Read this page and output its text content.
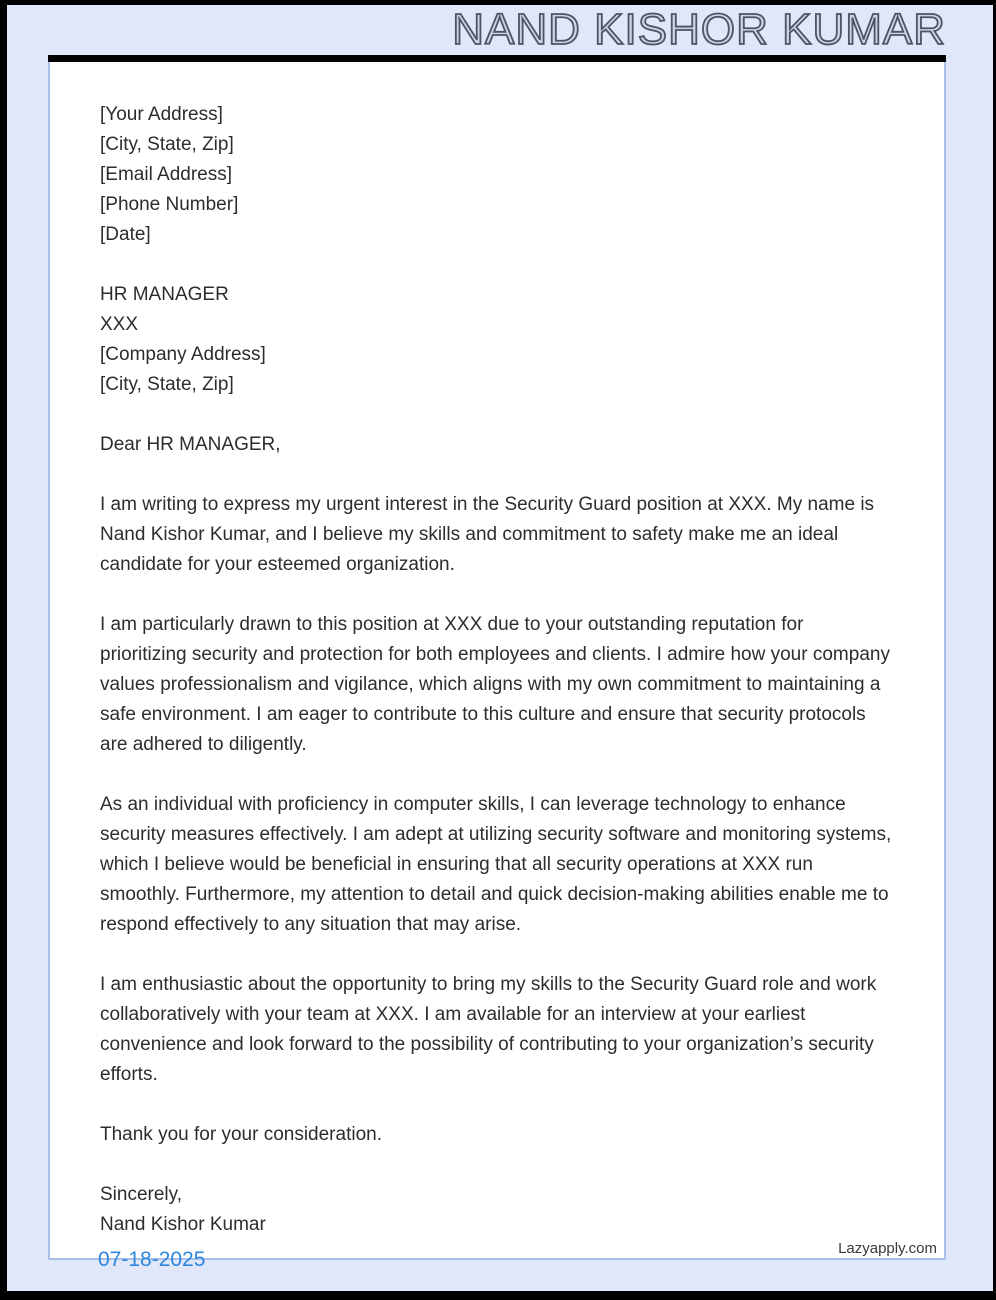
NAND KISHOR KUMAR
[Your Address]
[City, State, Zip]
[Email Address]
[Phone Number]
[Date]
HR MANAGER
XXX
[Company Address]
[City, State, Zip]
Dear HR MANAGER,

I am writing to express my urgent interest in the Security Guard position at XXX. My name is Nand Kishor Kumar, and I believe my skills and commitment to safety make me an ideal candidate for your esteemed organization.

I am particularly drawn to this position at XXX due to your outstanding reputation for prioritizing security and protection for both employees and clients. I admire how your company values professionalism and vigilance, which aligns with my own commitment to maintaining a safe environment. I am eager to contribute to this culture and ensure that security protocols are adhered to diligently.

As an individual with proficiency in computer skills, I can leverage technology to enhance security measures effectively. I am adept at utilizing security software and monitoring systems, which I believe would be beneficial in ensuring that all security operations at XXX run smoothly. Furthermore, my attention to detail and quick decision-making abilities enable me to respond effectively to any situation that may arise.

I am enthusiastic about the opportunity to bring my skills to the Security Guard role and work collaboratively with your team at XXX. I am available for an interview at your earliest convenience and look forward to the possibility of contributing to your organization’s security efforts.

Thank you for your consideration.
Sincerely,
Nand Kishor Kumar
Lazyapply.com
07-18-2025
